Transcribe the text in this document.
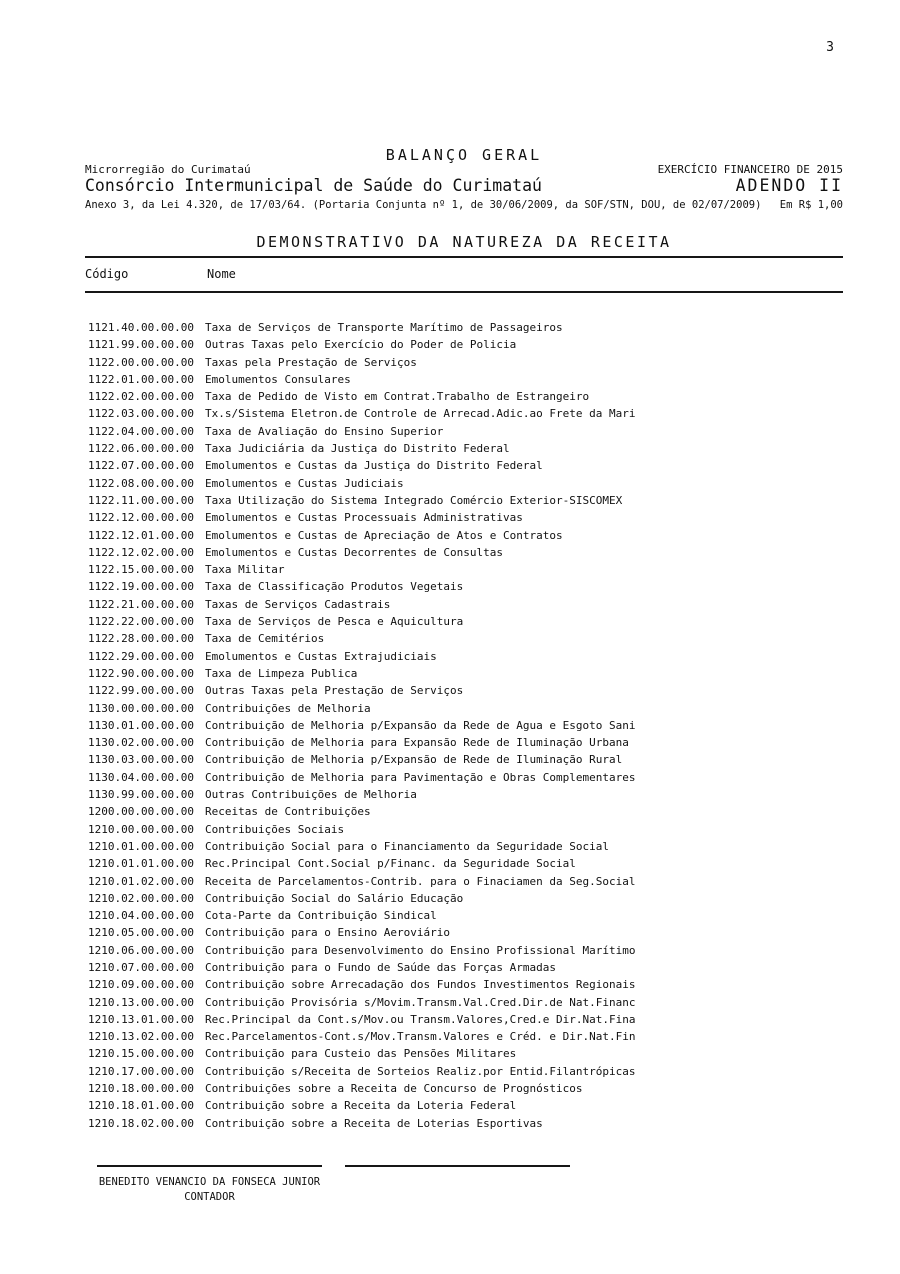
3
BALANÇO GERAL
Microrregião do Curimataú	EXERCÍCIO FINANCEIRO DE 2015
Consórcio Intermunicipal de Saúde do Curimataú	ADENDO II
Anexo 3, da Lei 4.320, de 17/03/64. (Portaria Conjunta nº 1, de 30/06/2009, da SOF/STN, DOU, de 02/07/2009) Em R$ 1,00
DEMONSTRATIVO DA NATUREZA DA RECEITA
Código	Nome
1121.40.00.00.00	Taxa de Serviços de Transporte Marítimo de Passageiros
1121.99.00.00.00	Outras Taxas pelo Exercício do Poder de Policia
1122.00.00.00.00	Taxas pela Prestação de Serviços
1122.01.00.00.00	Emolumentos Consulares
1122.02.00.00.00	Taxa de Pedido de Visto em Contrat.Trabalho de Estrangeiro
1122.03.00.00.00	Tx.s/Sistema Eletron.de Controle de Arrecad.Adic.ao Frete da Mari
1122.04.00.00.00	Taxa de Avaliação do Ensino Superior
1122.06.00.00.00	Taxa Judiciária da Justiça do Distrito Federal
1122.07.00.00.00	Emolumentos e Custas da Justiça do Distrito Federal
1122.08.00.00.00	Emolumentos e Custas Judiciais
1122.11.00.00.00	Taxa Utilização do Sistema Integrado Comércio Exterior-SISCOMEX
1122.12.00.00.00	Emolumentos e Custas Processuais Administrativas
1122.12.01.00.00	Emolumentos e Custas de Apreciação de Atos e Contratos
1122.12.02.00.00	Emolumentos e Custas Decorrentes de Consultas
1122.15.00.00.00	Taxa Militar
1122.19.00.00.00	Taxa de Classificação Produtos Vegetais
1122.21.00.00.00	Taxas de Serviços Cadastrais
1122.22.00.00.00	Taxa de Serviços de Pesca e Aquicultura
1122.28.00.00.00	Taxa de Cemitérios
1122.29.00.00.00	Emolumentos e Custas Extrajudiciais
1122.90.00.00.00	Taxa de Limpeza Publica
1122.99.00.00.00	Outras Taxas pela Prestação de Serviços
1130.00.00.00.00	Contribuições de Melhoria
1130.01.00.00.00	Contribuição de Melhoria p/Expansão da Rede de Agua e Esgoto Sani
1130.02.00.00.00	Contribuição de Melhoria para Expansão Rede de Iluminação Urbana
1130.03.00.00.00	Contribuição de Melhoria p/Expansão de Rede de Iluminação Rural
1130.04.00.00.00	Contribuição de Melhoria para Pavimentação e Obras Complementares
1130.99.00.00.00	Outras Contribuições de Melhoria
1200.00.00.00.00	Receitas de Contribuições
1210.00.00.00.00	Contribuições Sociais
1210.01.00.00.00	Contribuição Social para o Financiamento da Seguridade Social
1210.01.01.00.00	Rec.Principal Cont.Social p/Financ. da Seguridade Social
1210.01.02.00.00	Receita de Parcelamentos-Contrib. para o Finaciamen da Seg.Social
1210.02.00.00.00	Contribuição Social do Salário Educação
1210.04.00.00.00	Cota-Parte da Contribuição Sindical
1210.05.00.00.00	Contribuição para o Ensino Aeroviário
1210.06.00.00.00	Contribuição para Desenvolvimento do Ensino Profissional Marítimo
1210.07.00.00.00	Contribuição para o Fundo de Saúde das Forças Armadas
1210.09.00.00.00	Contribuição sobre Arrecadação dos Fundos Investimentos Regionais
1210.13.00.00.00	Contribuição Provisória s/Movim.Transm.Val.Cred.Dir.de Nat.Financ
1210.13.01.00.00	Rec.Principal da Cont.s/Mov.ou Transm.Valores,Cred.e Dir.Nat.Fina
1210.13.02.00.00	Rec.Parcelamentos-Cont.s/Mov.Transm.Valores e Créd. e Dir.Nat.Fin
1210.15.00.00.00	Contribuição para Custeio das Pensões Militares
1210.17.00.00.00	Contribuição s/Receita de Sorteios Realiz.por Entid.Filantrópicas
1210.18.00.00.00	Contribuições sobre a Receita de Concurso de Prognósticos
1210.18.01.00.00	Contribuição sobre a Receita da Loteria Federal
1210.18.02.00.00	Contribuição sobre a Receita de Loterias Esportivas
BENEDITO VENANCIO DA FONSECA JUNIOR
CONTADOR
